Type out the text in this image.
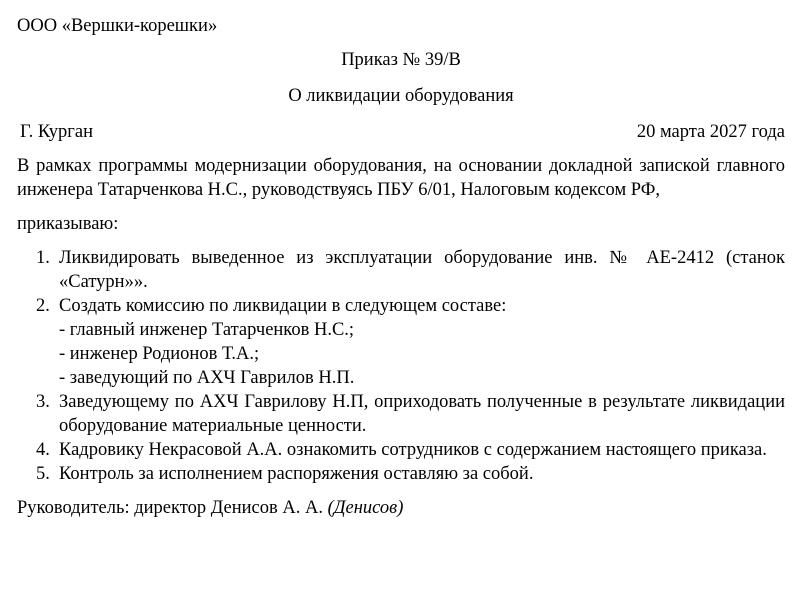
ООО «Вершки-корешки»
Приказ № 39/В
О ликвидации оборудования
Г. Курган	20 марта 2027 года

В рамках программы модернизации оборудования, на основании докладной запиской главного инженера Татарченкова Н.С., руководствуясь ПБУ 6/01, Налоговым кодексом РФ,

приказываю:
1. Ликвидировать выведенное из эксплуатации оборудование инв. № АЕ-2412 (станок «Сатурн»».
2. Создать комиссию по ликвидации в следующем составе:
- главный инженер Татарченков Н.С.;
- инженер Родионов Т.А.;
- заведующий по АХЧ Гаврилов Н.П.
3. Заведующему по АХЧ Гаврилову Н.П, оприходовать полученные в результате ликвидации оборудование материальные ценности.
4. Кадровику Некрасовой А.А. ознакомить сотрудников с содержанием настоящего приказа.
5. Контроль за исполнением распоряжения оставляю за собой.
Руководитель: директор Денисов А. А. (Денисов)
